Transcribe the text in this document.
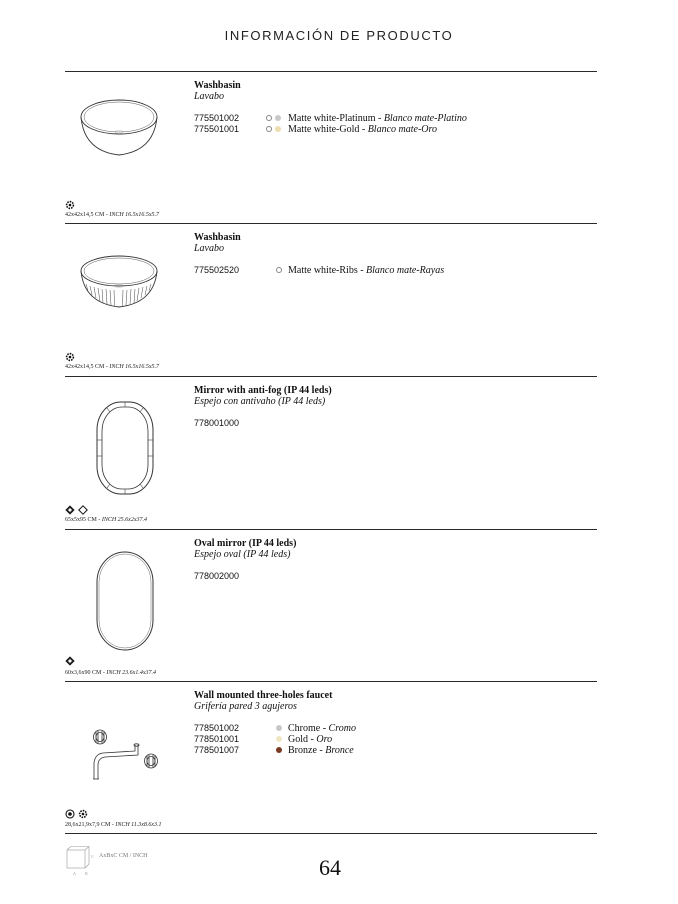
INFORMACIÓN DE PRODUCTO
Washbasin
Lavabo
775501002	Matte white-Platinum - Blanco mate-Platino
775501001	Matte white-Gold - Blanco mate-Oro
42x42x14,5 CM - INCH 16.5x16.5x5.7
Washbasin
Lavabo
775502520	Matte white-Ribs - Blanco mate-Rayas
42x42x14,5 CM - INCH 16.5x16.5x5.7
Mirror with anti-fog (IP 44 leds)
Espejo con antivaho (IP 44 leds)
778001000
65x5x95 CM - INCH 25.6x2x37.4
Oval mirror (IP 44 leds)
Espejo oval (IP 44 leds)
778002000
60x3,6x90 CM - INCH 23.6x1.4x37.4
Wall mounted three-holes faucet
Grifería pared 3 agujeros
778501002	Chrome - Cromo
778501001	Gold - Oro
778501007	Bronze - Bronce
28,6x21,9x7,9 CM - INCH 11.3x8.6x3.1
C
A B
AxBxC CM / INCH	64
